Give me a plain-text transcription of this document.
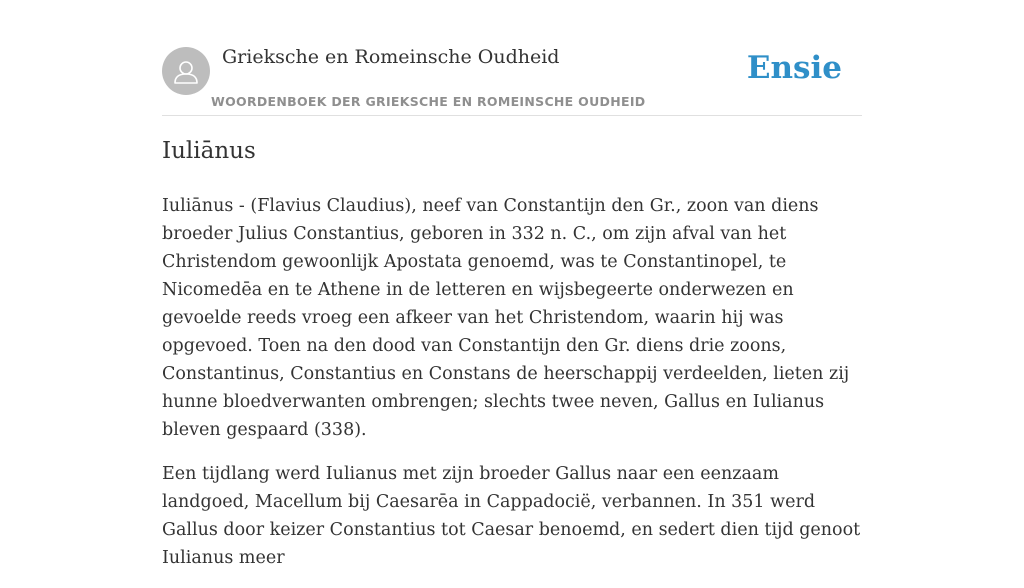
Grieksche en Romeinsche Oudheid
WOORDENBOEK DER GRIEKSCHE EN ROMEINSCHE OUDHEID
Ensie
Iuliānus

Iuliānus - (Flavius Claudius), neef van Constantijn den Gr., zoon van diens broeder Julius Constantius, geboren in 332 n. C., om zijn afval van het Christendom gewoonlijk Apostata genoemd, was te Constantinopel, te Nicomedēa en te Athene in de letteren en wijsbegeerte onderwezen en gevoelde reeds vroeg een afkeer van het Christendom, waarin hij was opgevoed. Toen na den dood van Constantijn den Gr. diens drie zoons, Constantinus, Constantius en Constans de heerschappij verdeelden, lieten zij hunne bloedverwanten ombrengen; slechts twee neven, Gallus en Iulianus bleven gespaard (338).

Een tijdlang werd Iulianus met zijn broeder Gallus naar een eenzaam landgoed, Macellum bij Caesarēa in Cappadocië, verbannen. In 351 werd Gallus door keizer Constantius tot Caesar benoemd, en sedert dien tijd genoot Iulianus meer
